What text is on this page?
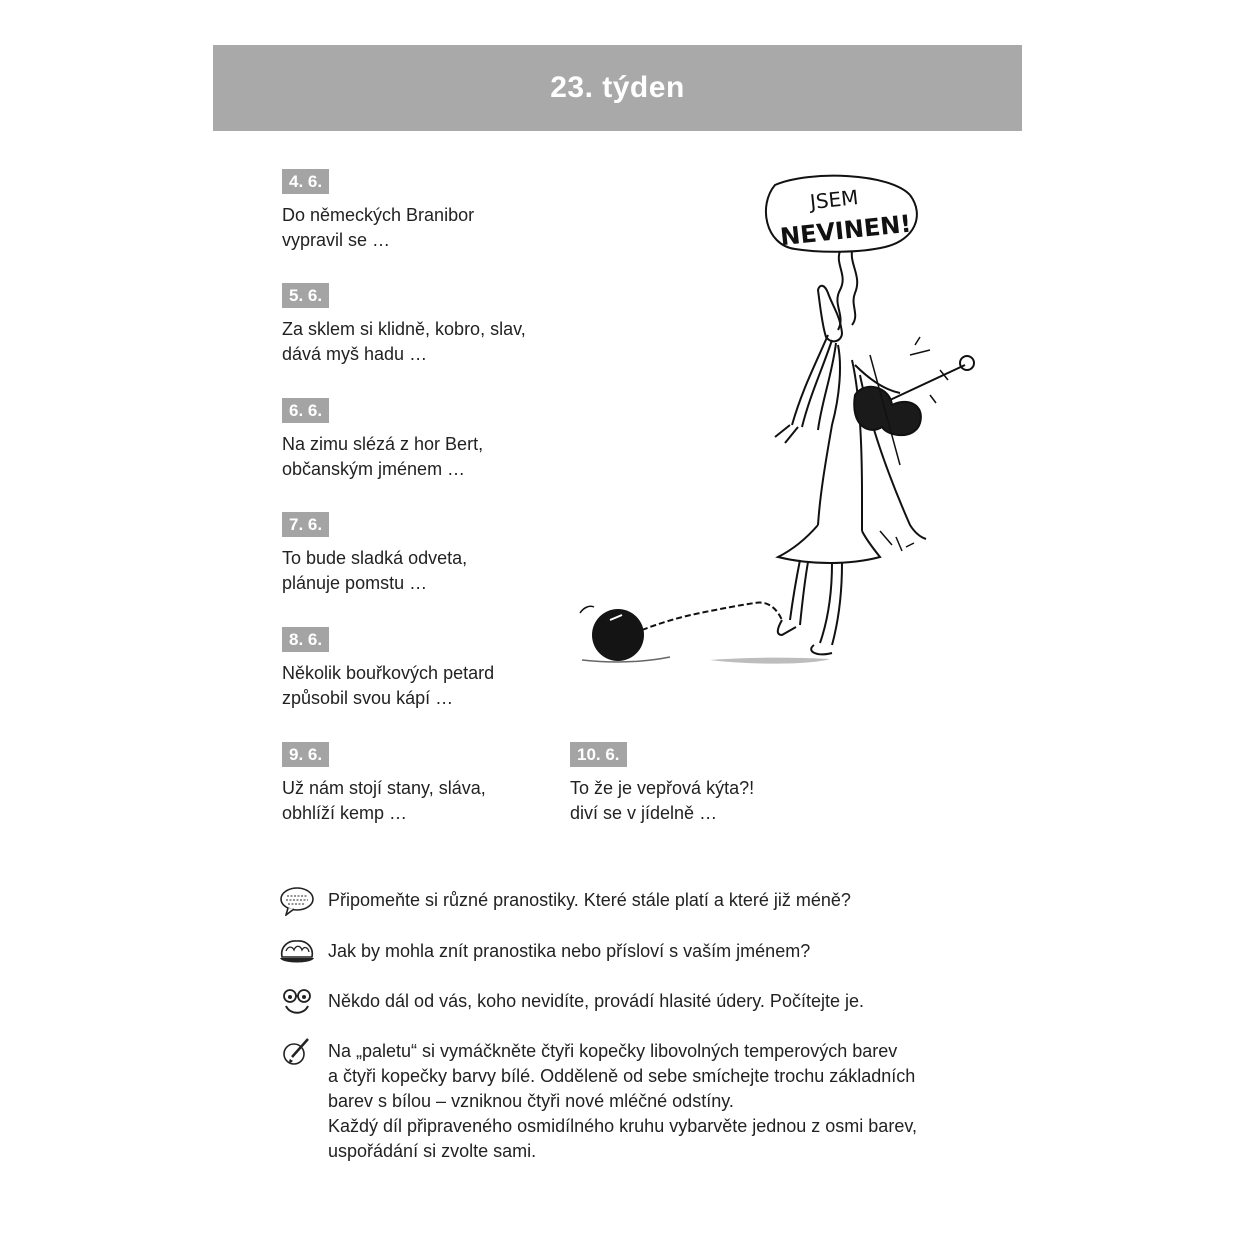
23. týden
4. 6.
Do německých Branibor
vypravil se …
5. 6.
Za sklem si klidně, kobro, slav,
dává myš hadu …
6. 6.
Na zimu slézá z hor Bert,
občanským jménem …
7. 6.
To bude sladká odveta,
plánuje pomstu …
8. 6.
Několik bouřkových petard
způsobil svou kápí …
9. 6.
Už nám stojí stany, sláva,
obhlíží kemp …
10. 6.
To že je vepřová kýta?!
diví se v jídelně …
JSEM
NEVINEN!
Připomeňte si různé pranostiky. Které stále platí a které již méně?
Jak by mohla znít pranostika nebo přísloví s vaším jménem?
Někdo dál od vás, koho nevidíte, provádí hlasité údery. Počítejte je.
Na „paletu“ si vymáčkněte čtyři kopečky libovolných temperových barev
a čtyři kopečky barvy bílé. Odděleně od sebe smíchejte trochu základních
barev s bílou – vzniknou čtyři nové mléčné odstíny.
Každý díl připraveného osmidílného kruhu vybarvěte jednou z osmi barev,
uspořádání si zvolte sami.
